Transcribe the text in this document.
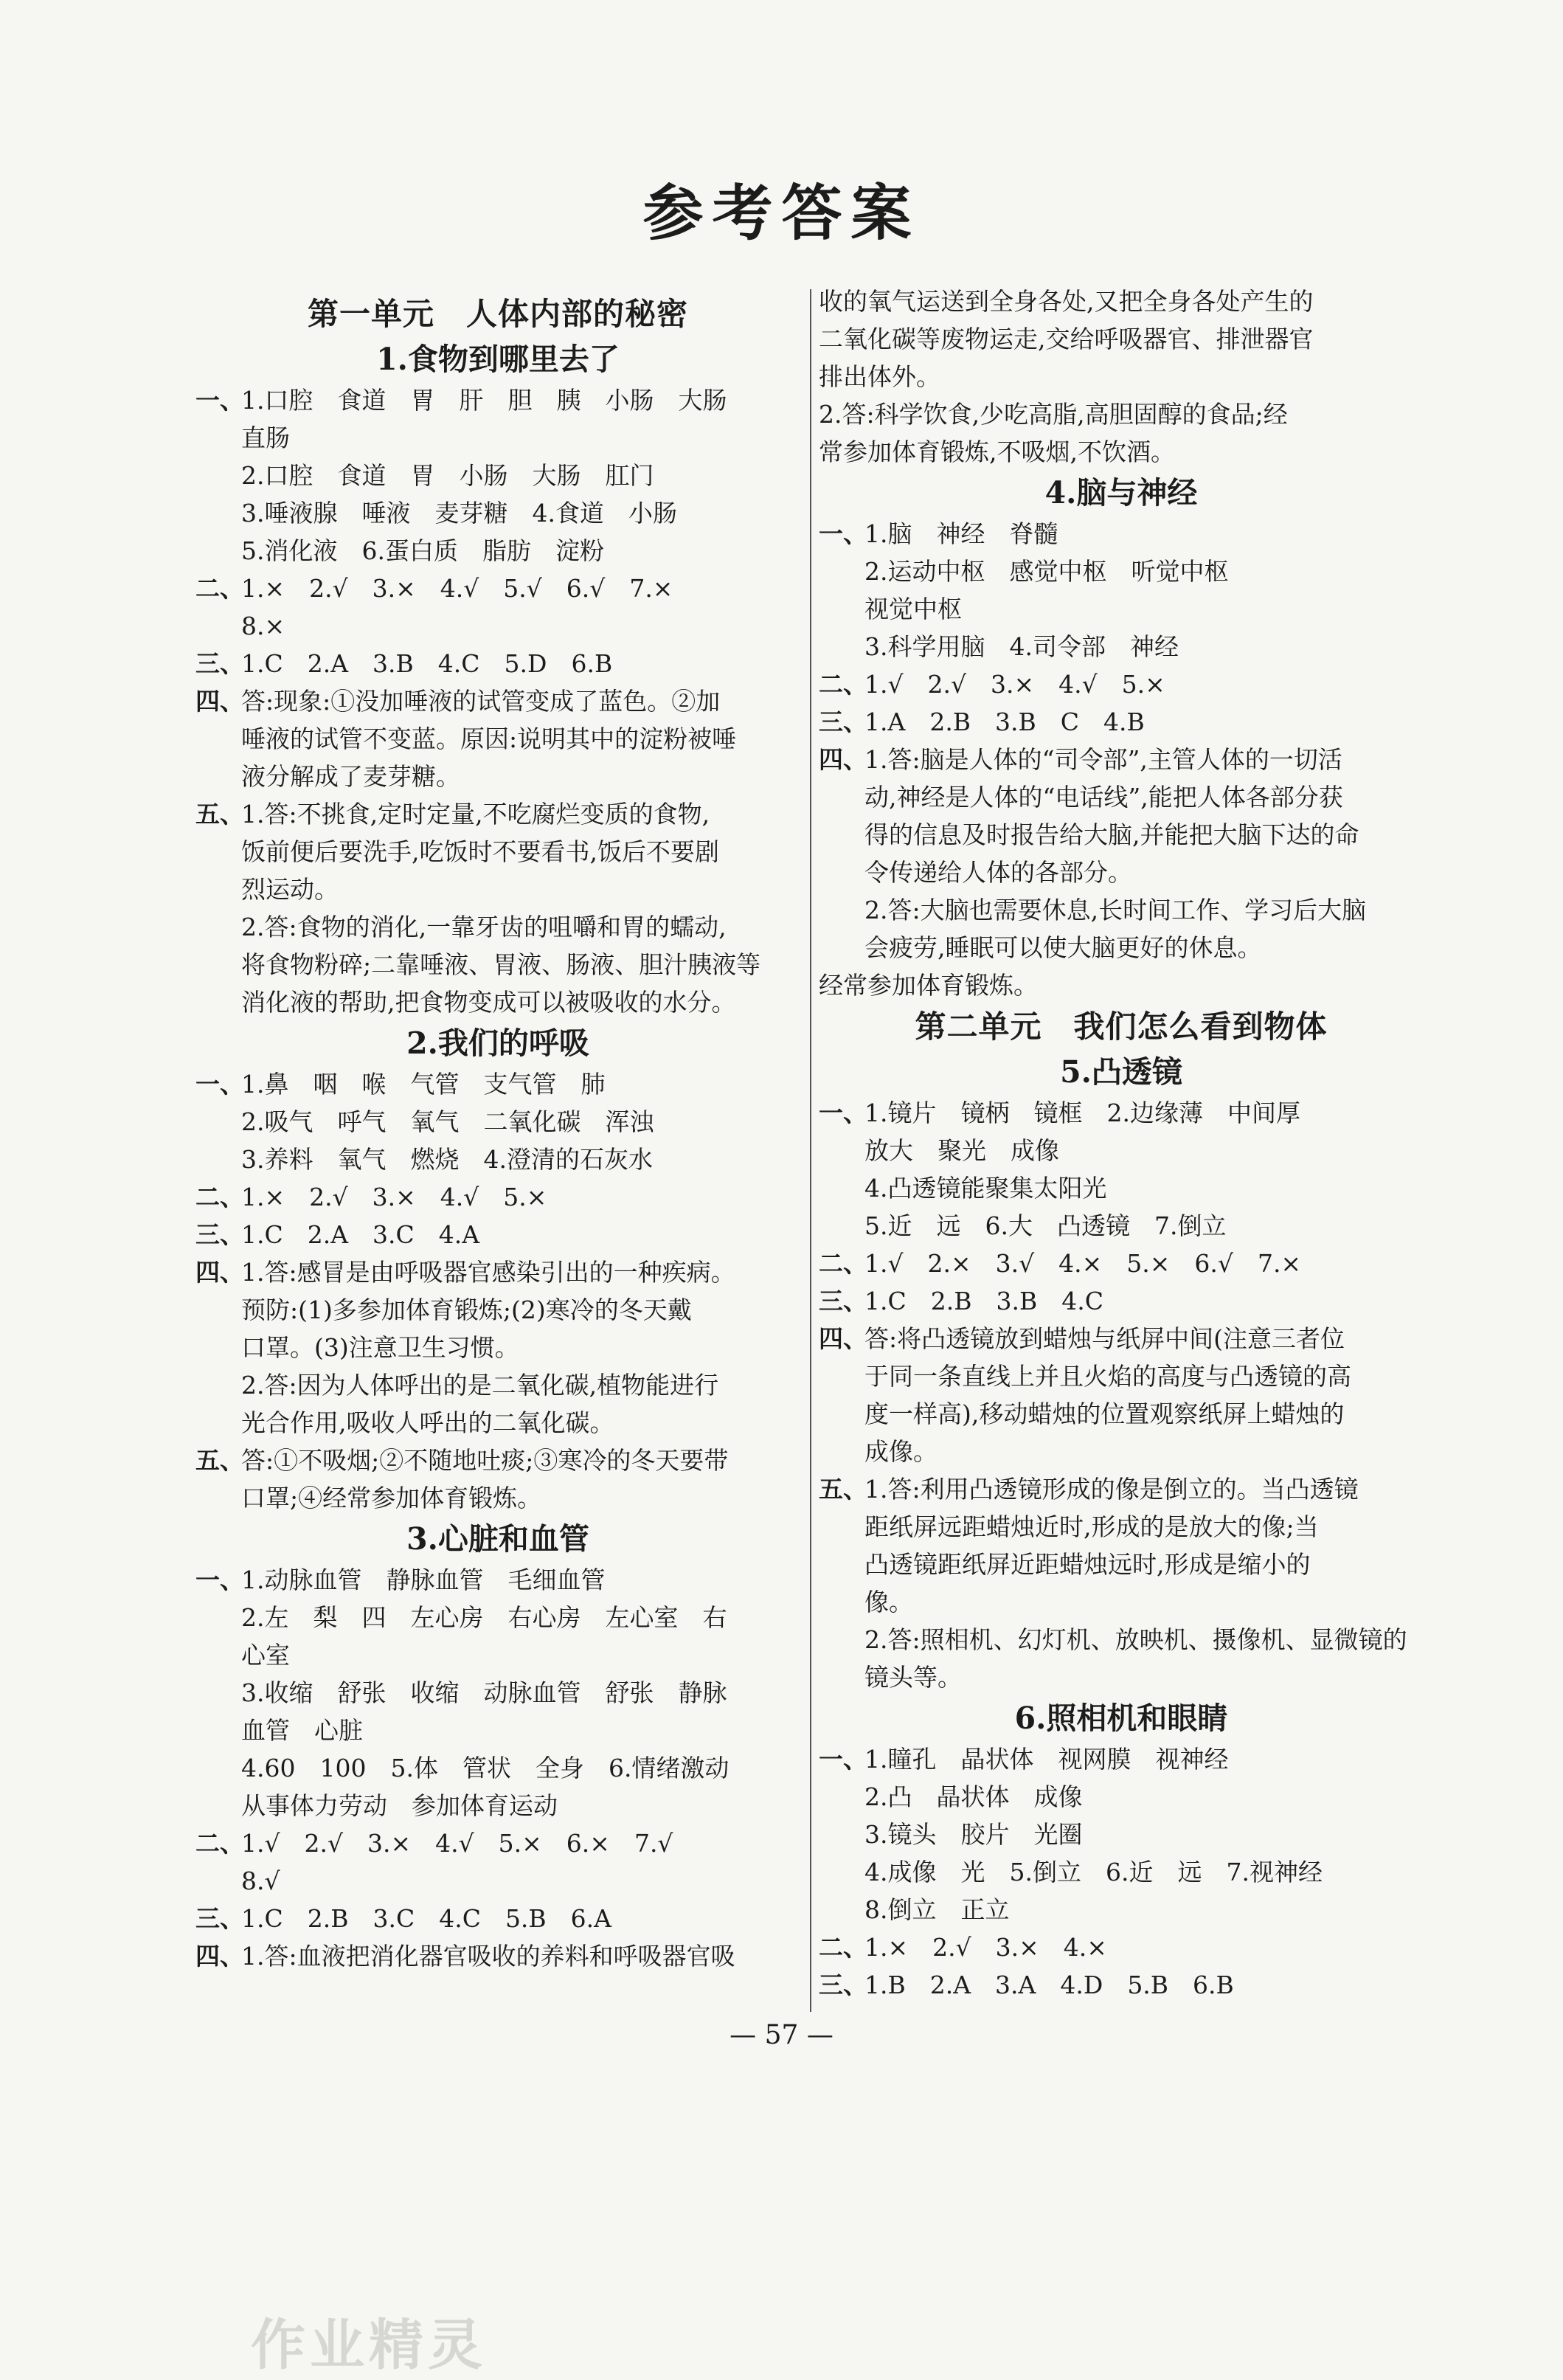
参考答案
第一单元　人体内部的秘密
1.食物到哪里去了
一、
1.口腔　食道　胃　肝　胆　胰　小肠　大肠
直肠
2.口腔　食道　胃　小肠　大肠　肛门
3.唾液腺　唾液　麦芽糖　4.食道　小肠
5.消化液　6.蛋白质　脂肪　淀粉
二、
1.×　2.√　3.×　4.√　5.√　6.√　7.×
8.×
三、
1.C　2.A　3.B　4.C　5.D　6.B
四、
答:现象:①没加唾液的试管变成了蓝色。②加
唾液的试管不变蓝。原因:说明其中的淀粉被唾
液分解成了麦芽糖。
五、
1.答:不挑食,定时定量,不吃腐烂变质的食物,
饭前便后要洗手,吃饭时不要看书,饭后不要剧
烈运动。
2.答:食物的消化,一靠牙齿的咀嚼和胃的蠕动,
将食物粉碎;二靠唾液、胃液、肠液、胆汁胰液等
消化液的帮助,把食物变成可以被吸收的水分。
2.我们的呼吸
一、
1.鼻　咽　喉　气管　支气管　肺
2.吸气　呼气　氧气　二氧化碳　浑浊
3.养料　氧气　燃烧　4.澄清的石灰水
二、
1.×　2.√　3.×　4.√　5.×
三、
1.C　2.A　3.C　4.A
四、
1.答:感冒是由呼吸器官感染引出的一种疾病。
预防:(1)多参加体育锻炼;(2)寒冷的冬天戴
口罩。(3)注意卫生习惯。
2.答:因为人体呼出的是二氧化碳,植物能进行
光合作用,吸收人呼出的二氧化碳。
五、
答:①不吸烟;②不随地吐痰;③寒冷的冬天要带
口罩;④经常参加体育锻炼。
3.心脏和血管
一、
1.动脉血管　静脉血管　毛细血管
2.左　梨　四　左心房　右心房　左心室　右
心室
3.收缩　舒张　收缩　动脉血管　舒张　静脉
血管　心脏
4.60　100　5.体　管状　全身　6.情绪激动
从事体力劳动　参加体育运动
二、
1.√　2.√　3.×　4.√　5.×　6.×　7.√
8.√
三、
1.C　2.B　3.C　4.C　5.B　6.A
四、
1.答:血液把消化器官吸收的养料和呼吸器官吸
收的氧气运送到全身各处,又把全身各处产生的
二氧化碳等废物运走,交给呼吸器官、排泄器官
排出体外。
2.答:科学饮食,少吃高脂,高胆固醇的食品;经
常参加体育锻炼,不吸烟,不饮酒。
4.脑与神经
一、
1.脑　神经　脊髓
2.运动中枢　感觉中枢　听觉中枢
视觉中枢
3.科学用脑　4.司令部　神经
二、
1.√　2.√　3.×　4.√　5.×
三、
1.A　2.B　3.B　C　4.B
四、
1.答:脑是人体的“司令部”,主管人体的一切活
动,神经是人体的“电话线”,能把人体各部分获
得的信息及时报告给大脑,并能把大脑下达的命
令传递给人体的各部分。
2.答:大脑也需要休息,长时间工作、学习后大脑
会疲劳,睡眠可以使大脑更好的休息。
经常参加体育锻炼。
第二单元　我们怎么看到物体
5.凸透镜
一、
1.镜片　镜柄　镜框　2.边缘薄　中间厚
放大　聚光　成像
4.凸透镜能聚集太阳光
5.近　远　6.大　凸透镜　7.倒立
二、
1.√　2.×　3.√　4.×　5.×　6.√　7.×
三、
1.C　2.B　3.B　4.C
四、
答:将凸透镜放到蜡烛与纸屏中间(注意三者位
于同一条直线上并且火焰的高度与凸透镜的高
度一样高),移动蜡烛的位置观察纸屏上蜡烛的
成像。
五、
1.答:利用凸透镜形成的像是倒立的。当凸透镜
距纸屏远距蜡烛近时,形成的是放大的像;当
凸透镜距纸屏近距蜡烛远时,形成是缩小的
像。
2.答:照相机、幻灯机、放映机、摄像机、显微镜的
镜头等。
6.照相机和眼睛
一、
1.瞳孔　晶状体　视网膜　视神经
2.凸　晶状体　成像
3.镜头　胶片　光圈
4.成像　光　5.倒立　6.近　远　7.视神经
8.倒立　正立
二、
1.×　2.√　3.×　4.×
三、
1.B　2.A　3.A　4.D　5.B　6.B
— 57 —
作业精灵
